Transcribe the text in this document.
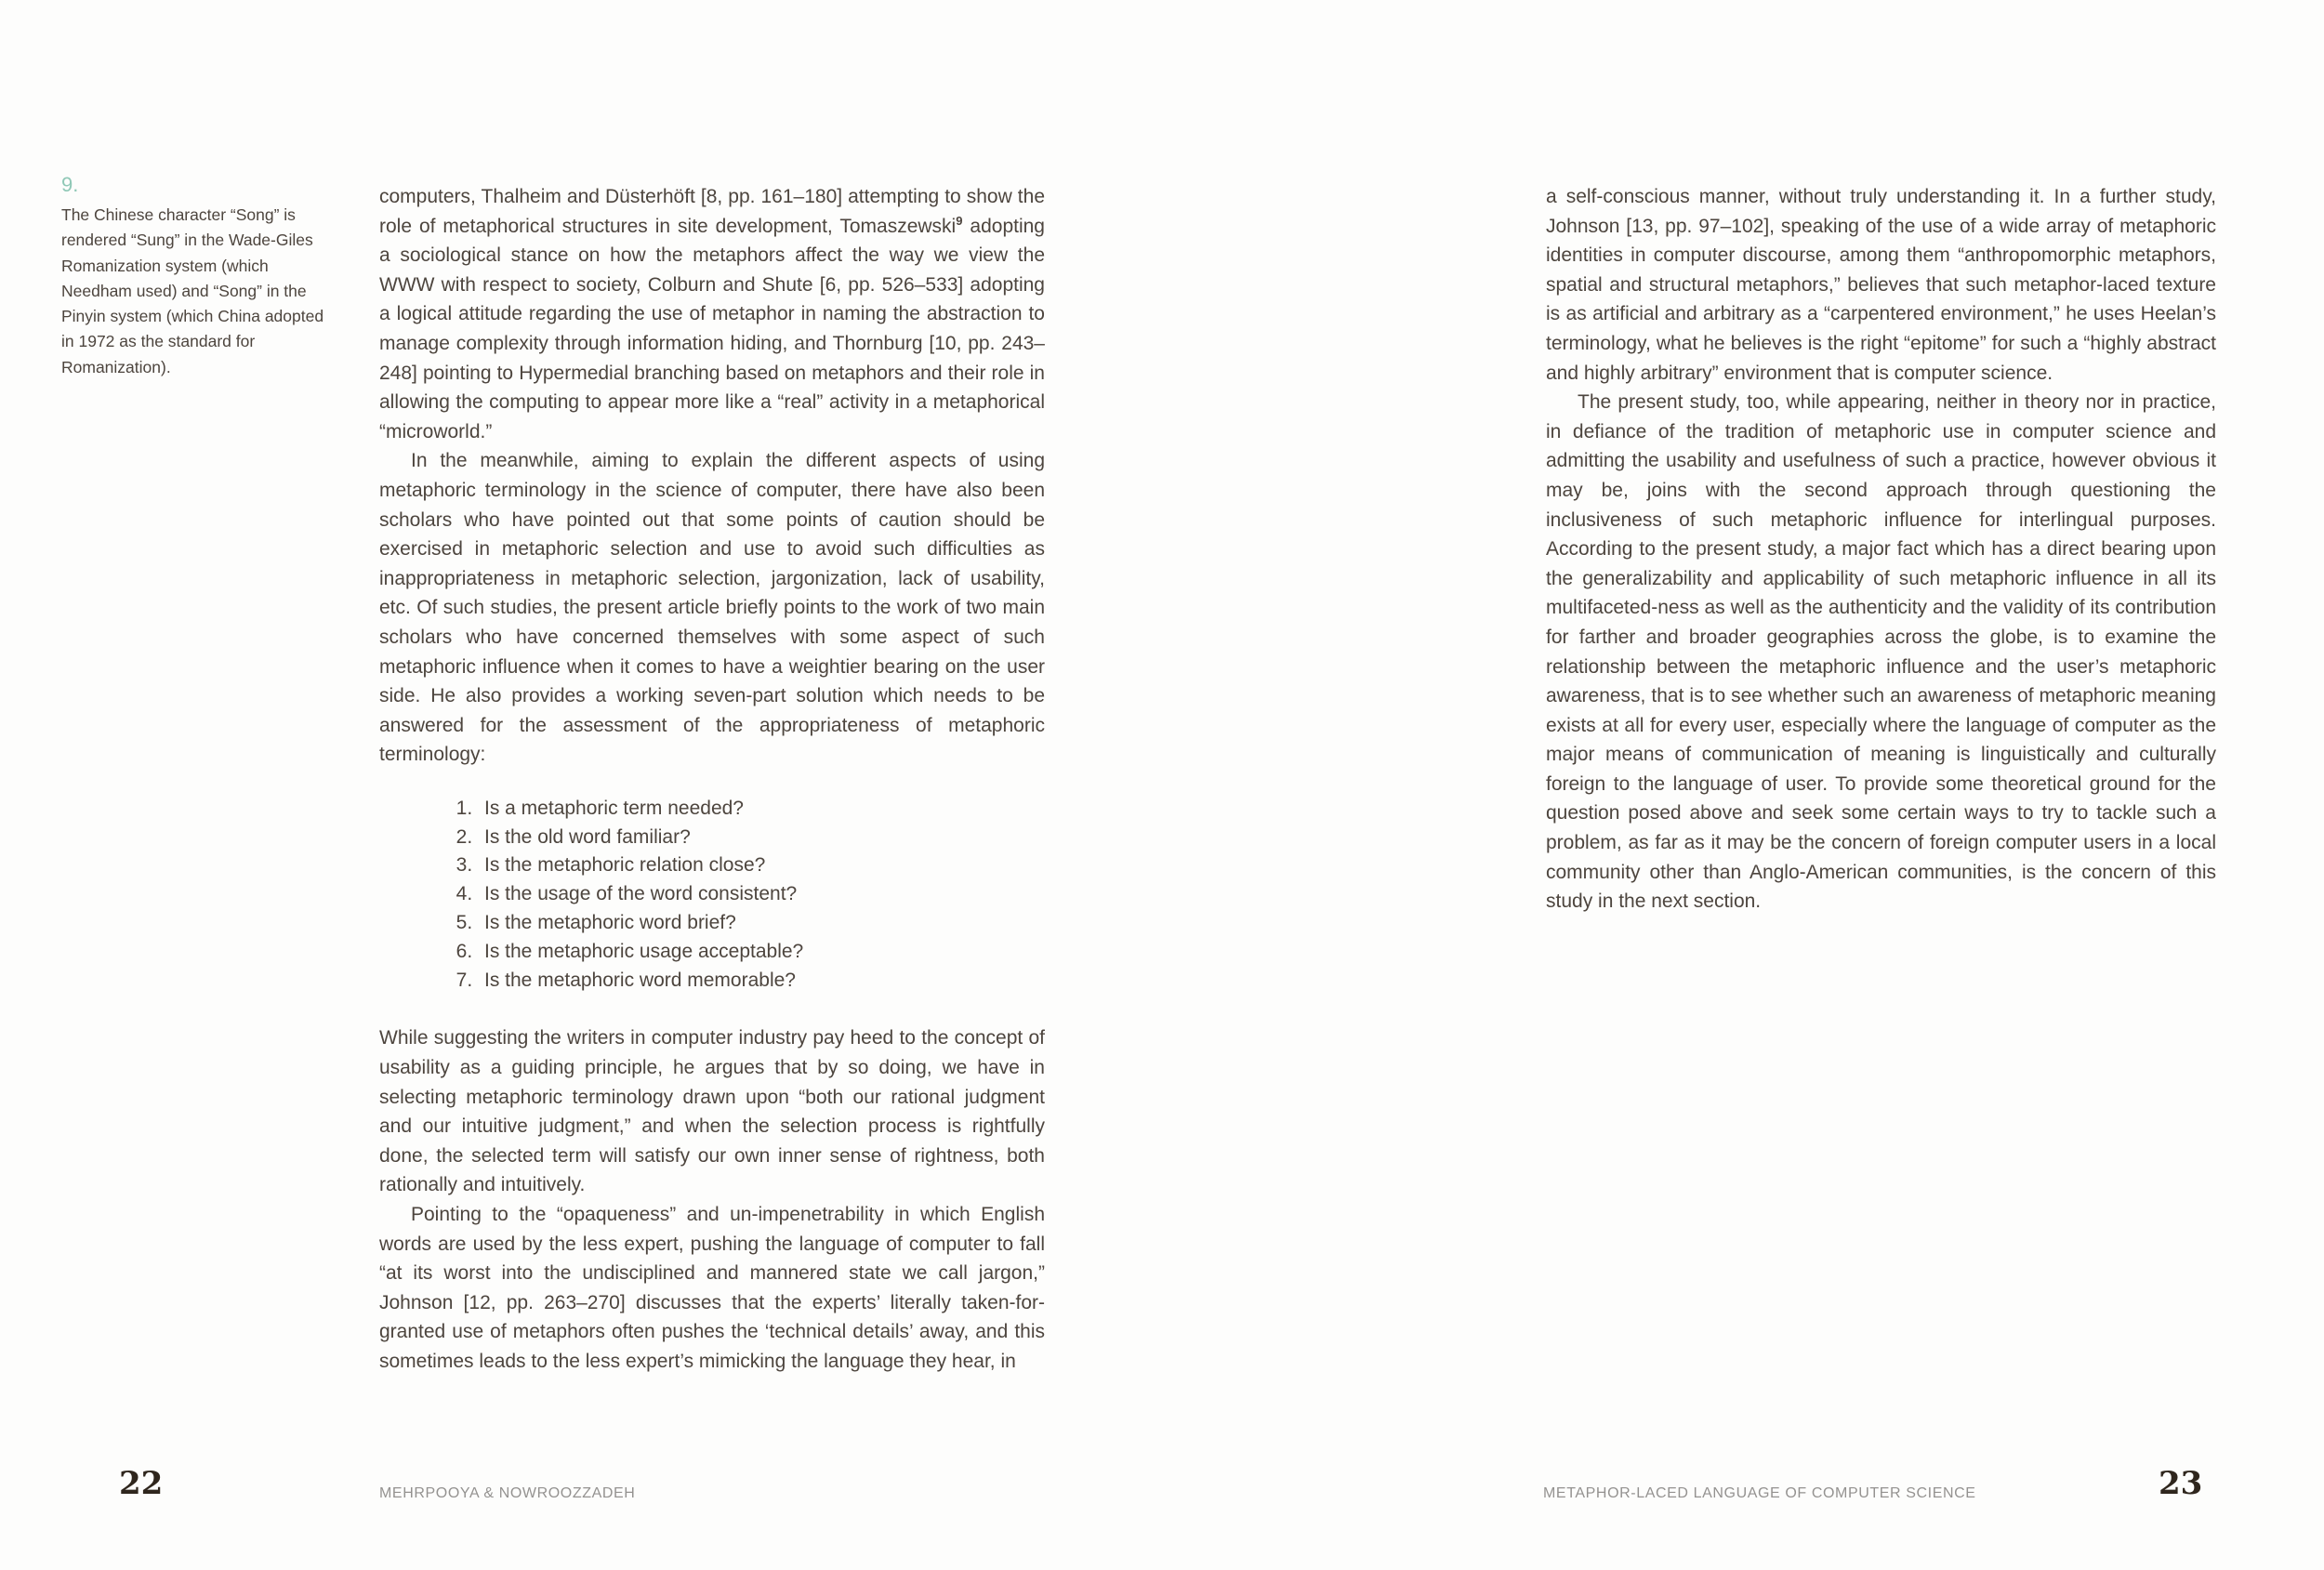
9.
The Chinese character “Song” is rendered “Sung” in the Wade-Giles Romanization system (which Needham used) and “Song” in the Pinyin system (which China adopted in 1972 as the standard for Romanization).

computers, Thalheim and Düsterhöft [8, pp. 161–180] attempting to show the role of metaphorical structures in site development, Tomaszewski$^9$ adopting a sociological stance on how the metaphors affect the way we view the WWW with respect to society, Colburn and Shute [6, pp. 526–533] adopting a logical attitude regarding the use of metaphor in naming the abstraction to manage complexity through information hiding, and Thornburg [10, pp. 243–248] pointing to Hypermedial branching based on metaphors and their role in allowing the computing to appear more like a “real” activity in a metaphorical “microworld.”

In the meanwhile, aiming to explain the different aspects of using metaphoric terminology in the science of computer, there have also been scholars who have pointed out that some points of caution should be exercised in metaphoric selection and use to avoid such difficulties as inappropriateness in metaphoric selection, jargonization, lack of usability, etc. Of such studies, the present article briefly points to the work of two main scholars who have concerned themselves with some aspect of such metaphoric influence when it comes to have a weightier bearing on the user side. He also provides a working seven-part solution which needs to be answered for the assessment of the appropriateness of metaphoric terminology:

1. Is a metaphoric term needed?
2. Is the old word familiar?
3. Is the metaphoric relation close?
4. Is the usage of the word consistent?
5. Is the metaphoric word brief?
6. Is the metaphoric usage acceptable?
7. Is the metaphoric word memorable?

While suggesting the writers in computer industry pay heed to the concept of usability as a guiding principle, he argues that by so doing, we have in selecting metaphoric terminology drawn upon “both our rational judgment and our intuitive judgment,” and when the selection process is rightfully done, the selected term will satisfy our own inner sense of rightness, both rationally and intuitively.

Pointing to the “opaqueness” and un-impenetrability in which English words are used by the less expert, pushing the language of computer to fall “at its worst into the undisciplined and mannered state we call jargon,” Johnson [12, pp. 263–270] discusses that the experts’ literally taken-for-granted use of metaphors often pushes the ‘technical details’ away, and this sometimes leads to the less expert’s mimicking the language they hear, in

a self-conscious manner, without truly understanding it. In a further study, Johnson [13, pp. 97–102], speaking of the use of a wide array of metaphoric identities in computer discourse, among them “anthropomorphic metaphors, spatial and structural metaphors,” believes that such metaphor-laced texture is as artificial and arbitrary as a “carpentered environment,” he uses Heelan’s terminology, what he believes is the right “epitome” for such a “highly abstract and highly arbitrary” environment that is computer science.

The present study, too, while appearing, neither in theory nor in practice, in defiance of the tradition of metaphoric use in computer science and admitting the usability and usefulness of such a practice, however obvious it may be, joins with the second approach through questioning the inclusiveness of such metaphoric influence for interlingual purposes. According to the present study, a major fact which has a direct bearing upon the generalizability and applicability of such metaphoric influence in all its multifaceted-ness as well as the authenticity and the validity of its contribution for farther and broader geographies across the globe, is to examine the relationship between the metaphoric influence and the user’s metaphoric awareness, that is to see whether such an awareness of metaphoric meaning exists at all for every user, especially where the language of computer as the major means of communication of meaning is linguistically and culturally foreign to the language of user. To provide some theoretical ground for the question posed above and seek some certain ways to try to tackle such a problem, as far as it may be the concern of foreign computer users in a local community other than Anglo-American communities, is the concern of this study in the next section.

22	MEHRPOOYA & NOWROOZZADEH	METAPHOR-LACED LANGUAGE OF COMPUTER SCIENCE	23
